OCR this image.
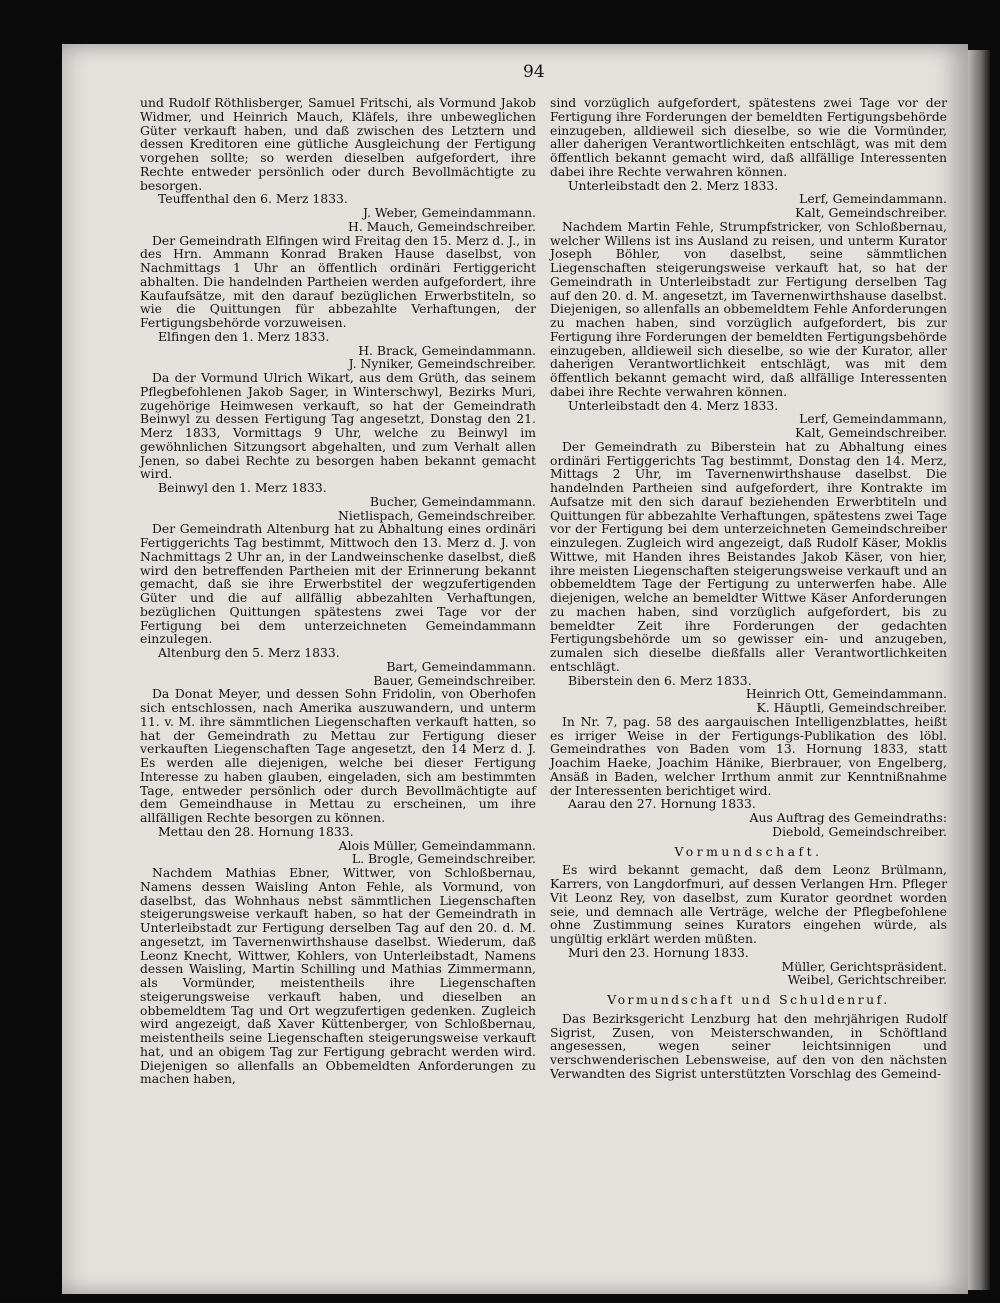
94

und Rudolf Röthlisberger, Samuel Fritschi, als Vormund Jakob Widmer, und Heinrich Mauch, Kläfels, ihre unbeweglichen Güter verkauft haben, und daß zwischen des Letztern und dessen Kreditoren eine gütliche Ausgleichung der Fertigung vorgehen sollte; so werden dieselben aufgefordert, ihre Rechte entweder persönlich oder durch Bevollmächtigte zu besorgen.

Teuffenthal den 6. Merz 1833.

J. Weber, Gemeindammann.

H. Mauch, Gemeindschreiber.

Der Gemeindrath Elfingen wird Freitag den 15. Merz d. J., in des Hrn. Ammann Konrad Braken Hause daselbst, von Nachmittags 1 Uhr an öffentlich ordinäri Fertiggericht abhalten. Die handelnden Partheien werden aufgefordert, ihre Kaufaufsätze, mit den darauf bezüglichen Erwerbstiteln, so wie die Quittungen für abbezahlte Verhaftungen, der Fertigungsbehörde vorzuweisen.

Elfingen den 1. Merz 1833.

H. Brack, Gemeindammann.

J. Nyniker, Gemeindschreiber.

Da der Vormund Ulrich Wikart, aus dem Grüth, das seinem Pflegbefohlenen Jakob Sager, in Winterschwyl, Bezirks Muri, zugehörige Heimwesen verkauft, so hat der Gemeindrath Beinwyl zu dessen Fertigung Tag angesetzt, Donstag den 21. Merz 1833, Vormittags 9 Uhr, welche zu Beinwyl im gewöhnlichen Sitzungsort abgehalten, und zum Verhalt allen Jenen, so dabei Rechte zu besorgen haben bekannt gemacht wird.

Beinwyl den 1. Merz 1833.

Bucher, Gemeindammann.

Nietlispach, Gemeindschreiber.

Der Gemeindrath Altenburg hat zu Abhaltung eines ordinäri Fertiggerichts Tag bestimmt, Mittwoch den 13. Merz d. J. von Nachmittags 2 Uhr an, in der Landweinschenke daselbst, dieß wird den betreffenden Partheien mit der Erinnerung bekannt gemacht, daß sie ihre Erwerbstitel der wegzufertigenden Güter und die auf allfällig abbezahlten Verhaftungen, bezüglichen Quittungen spätestens zwei Tage vor der Fertigung bei dem unterzeichneten Gemeindammann einzulegen.

Altenburg den 5. Merz 1833.

Bart, Gemeindammann.

Bauer, Gemeindschreiber.

Da Donat Meyer, und dessen Sohn Fridolin, von Oberhofen sich entschlossen, nach Amerika auszuwandern, und unterm 11. v. M. ihre sämmtlichen Liegenschaften verkauft hatten, so hat der Gemeindrath zu Mettau zur Fertigung dieser verkauften Liegenschaften Tage angesetzt, den 14 Merz d. J. Es werden alle diejenigen, welche bei dieser Fertigung Interesse zu haben glauben, eingeladen, sich am bestimmten Tage, entweder persönlich oder durch Bevollmächtigte auf dem Gemeindhause in Mettau zu erscheinen, um ihre allfälligen Rechte besorgen zu können.

Mettau den 28. Hornung 1833.

Alois Müller, Gemeindammann.

L. Brogle, Gemeindschreiber.

Nachdem Mathias Ebner, Wittwer, von Schloßbernau, Namens dessen Waisling Anton Fehle, als Vormund, von daselbst, das Wohnhaus nebst sämmtlichen Liegenschaften steigerungsweise verkauft haben, so hat der Gemeindrath in Unterleibstadt zur Fertigung derselben Tag auf den 20. d. M. angesetzt, im Tavernenwirthshause daselbst. Wiederum, daß Leonz Knecht, Wittwer, Kohlers, von Unterleibstadt, Namens dessen Waisling, Martin Schilling und Mathias Zimmermann, als Vormünder, meistentheils ihre Liegenschaften steigerungsweise verkauft haben, und dieselben an obbemeldtem Tag und Ort wegzufertigen gedenken. Zugleich wird angezeigt, daß Xaver Küttenberger, von Schloßbernau, meistentheils seine Liegenschaften steigerungsweise verkauft hat, und an obigem Tag zur Fertigung gebracht werden wird. Diejenigen so allenfalls an Obbemeldten Anforderungen zu machen haben,

sind vorzüglich aufgefordert, spätestens zwei Tage vor der Fertigung ihre Forderungen der bemeldten Fertigungsbehörde einzugeben, alldieweil sich dieselbe, so wie die Vormünder, aller daherigen Verantwortlichkeiten entschlägt, was mit dem öffentlich bekannt gemacht wird, daß allfällige Interessenten dabei ihre Rechte verwahren können.

Unterleibstadt den 2. Merz 1833.

Lerf, Gemeindammann.

Kalt, Gemeindschreiber.

Nachdem Martin Fehle, Strumpfstricker, von Schloßbernau, welcher Willens ist ins Ausland zu reisen, und unterm Kurator Joseph Böhler, von daselbst, seine sämmtlichen Liegenschaften steigerungsweise verkauft hat, so hat der Gemeindrath in Unterleibstadt zur Fertigung derselben Tag auf den 20. d. M. angesetzt, im Tavernenwirthshause daselbst. Diejenigen, so allenfalls an obbemeldtem Fehle Anforderungen zu machen haben, sind vorzüglich aufgefordert, bis zur Fertigung ihre Forderungen der bemeldten Fertigungsbehörde einzugeben, alldieweil sich dieselbe, so wie der Kurator, aller daherigen Verantwortlichkeit entschlägt, was mit dem öffentlich bekannt gemacht wird, daß allfällige Interessenten dabei ihre Rechte verwahren können.

Unterleibstadt den 4. Merz 1833.

Lerf, Gemeindammann,

Kalt, Gemeindschreiber.

Der Gemeindrath zu Biberstein hat zu Abhaltung eines ordinäri Fertiggerichts Tag bestimmt, Donstag den 14. Merz, Mittags 2 Uhr, im Tavernenwirthshause daselbst. Die handelnden Partheien sind aufgefordert, ihre Kontrakte im Aufsatze mit den sich darauf beziehenden Erwerbtiteln und Quittungen für abbezahlte Verhaftungen, spätestens zwei Tage vor der Fertigung bei dem unterzeichneten Gemeindschreiber einzulegen. Zugleich wird angezeigt, daß Rudolf Käser, Moklis Wittwe, mit Handen ihres Beistandes Jakob Käser, von hier, ihre meisten Liegenschaften steigerungsweise verkauft und an obbemeldtem Tage der Fertigung zu unterwerfen habe. Alle diejenigen, welche an bemeldter Wittwe Käser Anforderungen zu machen haben, sind vorzüglich aufgefordert, bis zu bemeldter Zeit ihre Forderungen der gedachten Fertigungsbehörde um so gewisser ein- und anzugeben, zumalen sich dieselbe dießfalls aller Verantwortlichkeiten entschlägt.

Biberstein den 6. Merz 1833.

Heinrich Ott, Gemeindammann.

K. Häuptli, Gemeindschreiber.

In Nr. 7, pag. 58 des aargauischen Intelligenzblattes, heißt es irriger Weise in der Fertigungs-Publikation des löbl. Gemeindrathes von Baden vom 13. Hornung 1833, statt Joachim Haeke, Joachim Hänike, Bierbrauer, von Engelberg, Ansäß in Baden, welcher Irrthum anmit zur Kenntnißnahme der Interessenten berichtiget wird.

Aarau den 27. Hornung 1833.

Aus Auftrag des Gemeindraths:

Diebold, Gemeindschreiber.

Vormundschaft.

Es wird bekannt gemacht, daß dem Leonz Brülmann, Karrers, von Langdorfmuri, auf dessen Verlangen Hrn. Pfleger Vit Leonz Rey, von daselbst, zum Kurator geordnet worden seie, und demnach alle Verträge, welche der Pflegbefohlene ohne Zustimmung seines Kurators eingehen würde, als ungültig erklärt werden müßten.

Muri den 23. Hornung 1833.

Müller, Gerichtspräsident.

Weibel, Gerichtschreiber.

Vormundschaft und Schuldenruf.

Das Bezirksgericht Lenzburg hat den mehrjährigen Rudolf Sigrist, Zusen, von Meisterschwanden, in Schöftland angesessen, wegen seiner leichtsinnigen und verschwenderischen Lebensweise, auf den von den nächsten Verwandten des Sigrist unterstützten Vorschlag des Gemeind-
